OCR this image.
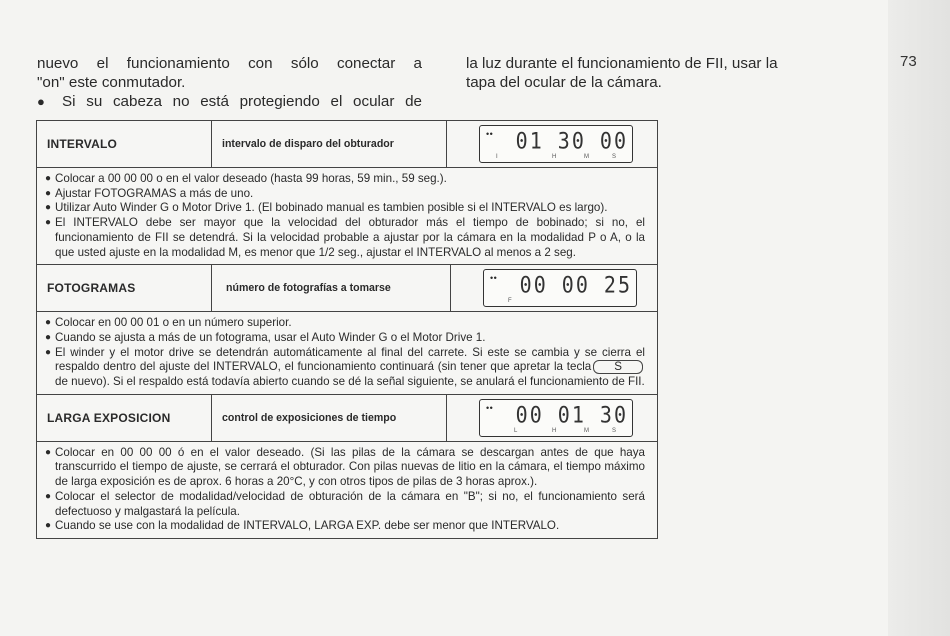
73
nuevo el funcionamiento con sólo conectar a
"on" este conmutador.
● Si su cabeza no está protegiendo el ocular de
la luz durante el funcionamiento de FII, usar la
tapa del ocular de la cámara.
INTERVALO	intervalo de disparo del obturador
•• 01 30 00
I	H	M	S
● Colocar a 00 00 00 o en el valor deseado (hasta 99 horas, 59 min., 59 seg.).
● Ajustar FOTOGRAMAS a más de uno.
● Utilizar Auto Winder G o Motor Drive 1. (El bobinado manual es tambien posible si el INTERVALO es largo).
● El INTERVALO debe ser mayor que la velocidad del obturador más el tiempo de bobinado; si no, el funcionamiento de FII se detendrá. Si la velocidad probable a ajustar por la cámara en la modalidad P o A, o la que usted ajuste en la modalidad M, es menor que 1/2 seg., ajustar el INTERVALO al menos a 2 seg.
FOTOGRAMAS	número de fotografías a tomarse
•• 00 00 25
F
● Colocar en 00 00 01 o en un número superior.
● Cuando se ajusta a más de un fotograma, usar el Auto Winder G o el Motor Drive 1.
● El winder y el motor drive se detendrán automáticamente al final del carrete. Si este se cambia y se cierra el respaldo dentro del ajuste del INTERVALO, el funcionamiento continuará (sin tener que apretar la tecla Sde nuevo). Si el respaldo está todavía abierto cuando se dé la señal siguiente, se anulará el funcionamiento de FII.
LARGA EXPOSICION	control de exposiciones de tiempo
•• 00 01 30
L	H	M	S
● Colocar en 00 00 00 ó en el valor deseado. (Si las pilas de la cámara se descargan antes de que haya transcurrido el tiempo de ajuste, se cerrará el obturador. Con pilas nuevas de litio en la cámara, el tiempo máximo de larga exposición es de aprox. 6 horas a 20°C, y con otros tipos de pilas de 3 horas aprox.).
● Colocar el selector de modalidad/velocidad de obturación de la cámara en "B"; si no, el funcionamiento será defectuoso y malgastará la película.
● Cuando se use con la modalidad de INTERVALO, LARGA EXP. debe ser menor que INTERVALO.
